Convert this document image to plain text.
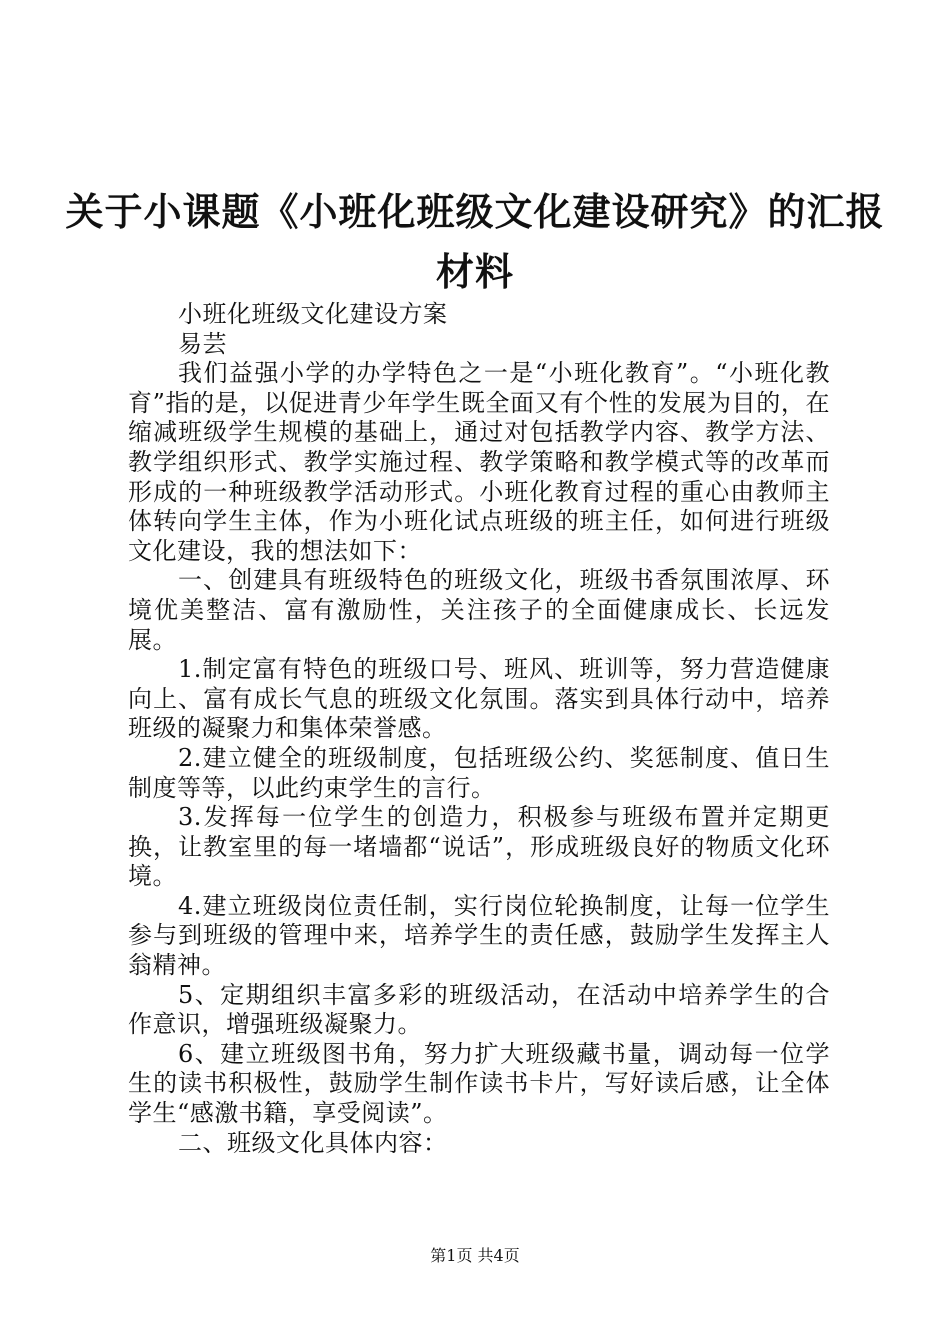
关于小课题《小班化班级文化建设研究》的汇报材料

小班化班级文化建设方案

易芸

我们益强小学的办学特色之一是“小班化教育”。“小班化教育”指的是，以促进青少年学生既全面又有个性的发展为目的，在缩减班级学生规模的基础上，通过对包括教学内容、教学方法、教学组织形式、教学实施过程、教学策略和教学模式等的改革而形成的一种班级教学活动形式。小班化教育过程的重心由教师主体转向学生主体，作为小班化试点班级的班主任，如何进行班级文化建设，我的想法如下：

一、创建具有班级特色的班级文化，班级书香氛围浓厚、环境优美整洁、富有激励性，关注孩子的全面健康成长、长远发展。

1.制定富有特色的班级口号、班风、班训等，努力营造健康向上、富有成长气息的班级文化氛围。落实到具体行动中，培养班级的凝聚力和集体荣誉感。

2.建立健全的班级制度，包括班级公约、奖惩制度、值日生制度等等，以此约束学生的言行。

3.发挥每一位学生的创造力，积极参与班级布置并定期更换，让教室里的每一堵墙都“说话”，形成班级良好的物质文化环境。

4.建立班级岗位责任制，实行岗位轮换制度，让每一位学生参与到班级的管理中来，培养学生的责任感，鼓励学生发挥主人翁精神。

5、定期组织丰富多彩的班级活动，在活动中培养学生的合作意识，增强班级凝聚力。

6、建立班级图书角，努力扩大班级藏书量，调动每一位学生的读书积极性，鼓励学生制作读书卡片，写好读后感，让全体学生“感激书籍，享受阅读”。

二、班级文化具体内容：

第1页 共4页
